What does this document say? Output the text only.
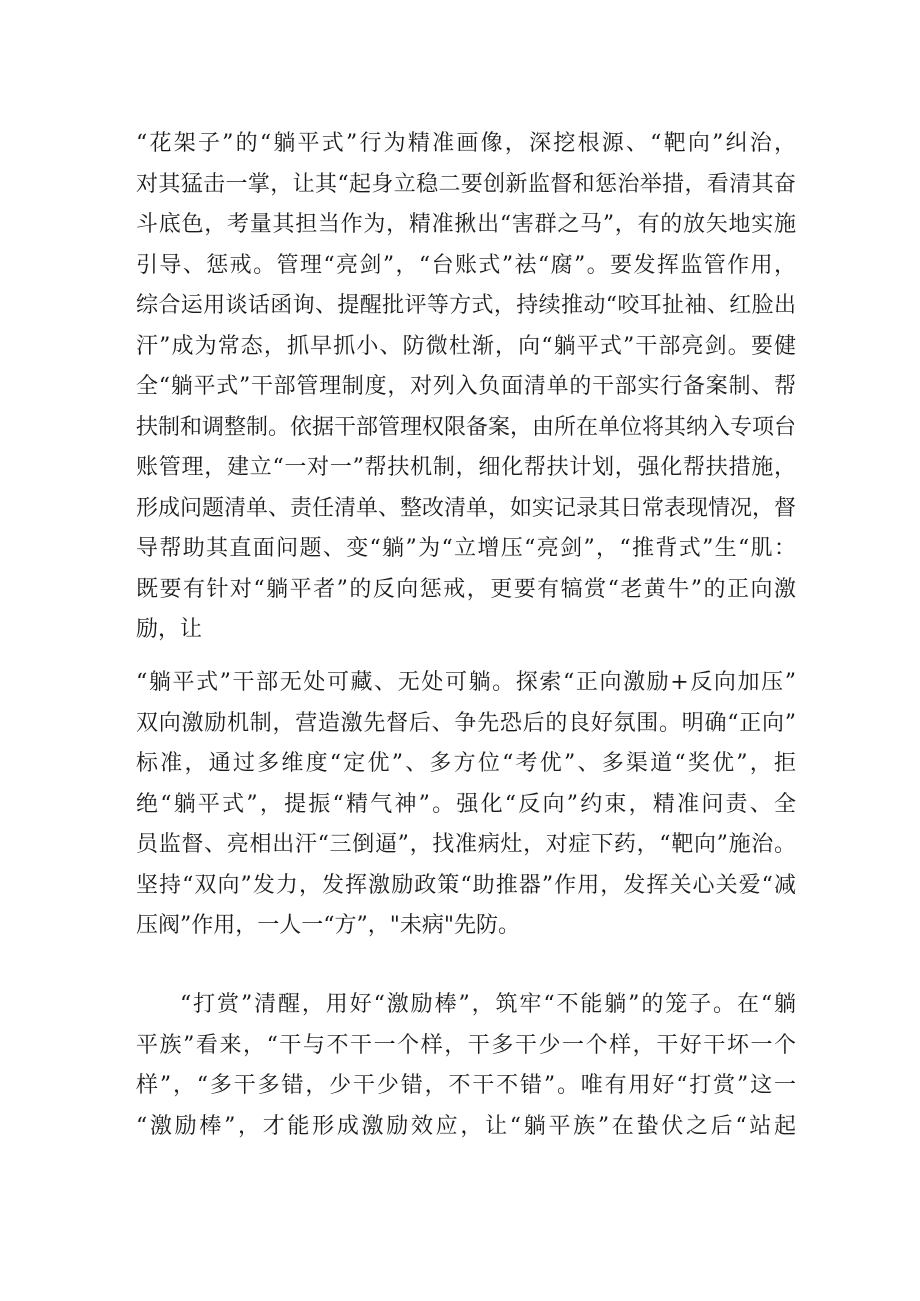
“花架子”的“躺平式”行为精准画像，深挖根源、“靶向”纠治，
对其猛击一掌，让其“起身立稳二要创新监督和惩治举措，看清其奋
斗底色，考量其担当作为，精准揪出“害群之马”，有的放矢地实施
引导、惩戒。管理“亮剑”，“台账式”祛“腐”。要发挥监管作用，
综合运用谈话函询、提醒批评等方式，持续推动“咬耳扯袖、红脸出
汗”成为常态，抓早抓小、防微杜渐，向“躺平式”干部亮剑。要健
全“躺平式”干部管理制度，对列入负面清单的干部实行备案制、帮
扶制和调整制。依据干部管理权限备案，由所在单位将其纳入专项台
账管理，建立“一对一”帮扶机制，细化帮扶计划，强化帮扶措施，
形成问题清单、责任清单、整改清单，如实记录其日常表现情况，督
导帮助其直面问题、变“躺”为“立增压“亮剑”，“推背式”生“肌：
既要有针对“躺平者”的反向惩戒，更要有犒赏“老黄牛”的正向激
励，让
“躺平式”干部无处可藏、无处可躺。探索“正向激励+反向加压”
双向激励机制，营造激先督后、争先恐后的良好氛围。明确“正向”
标准，通过多维度“定优”、多方位“考优”、多渠道“奖优”，拒
绝“躺平式”，提振“精气神”。强化“反向”约束，精准问责、全
员监督、亮相出汗“三倒逼”，找准病灶，对症下药，“靶向”施治。
坚持“双向”发力，发挥激励政策“助推器”作用，发挥关心关爱“减
压阀”作用，一人一“方”，"未病"先防。
“打赏”清醒，用好“激励棒”，筑牢“不能躺”的笼子。在“躺
平族”看来，“干与不干一个样，干多干少一个样，干好干坏一个
样”，“多干多错，少干少错，不干不错”。唯有用好“打赏”这一
“激励棒”，才能形成激励效应，让“躺平族”在蛰伏之后“站起
